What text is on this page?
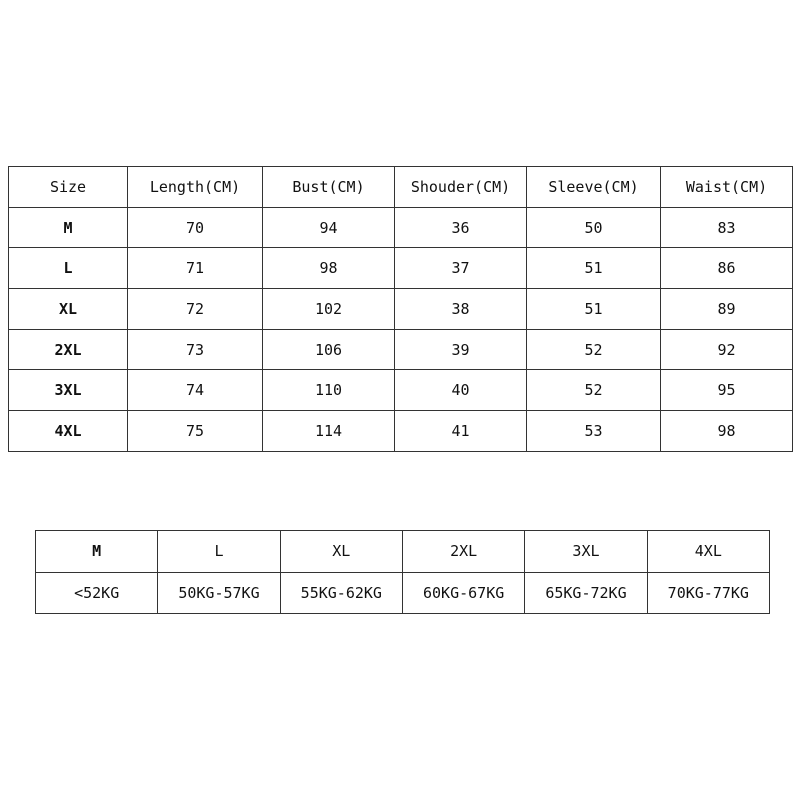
Size	Length(CM)	Bust(CM)	Shouder(CM)	Sleeve(CM)	Waist(CM)
M	70	94	36	50	83
L	71	98	37	51	86
XL	72	102	38	51	89
2XL	73	106	39	52	92
3XL	74	110	40	52	95
4XL	75	114	41	53	98
M	L	XL	2XL	3XL	4XL
<52KG	50KG-57KG	55KG-62KG	60KG-67KG	65KG-72KG	70KG-77KG
